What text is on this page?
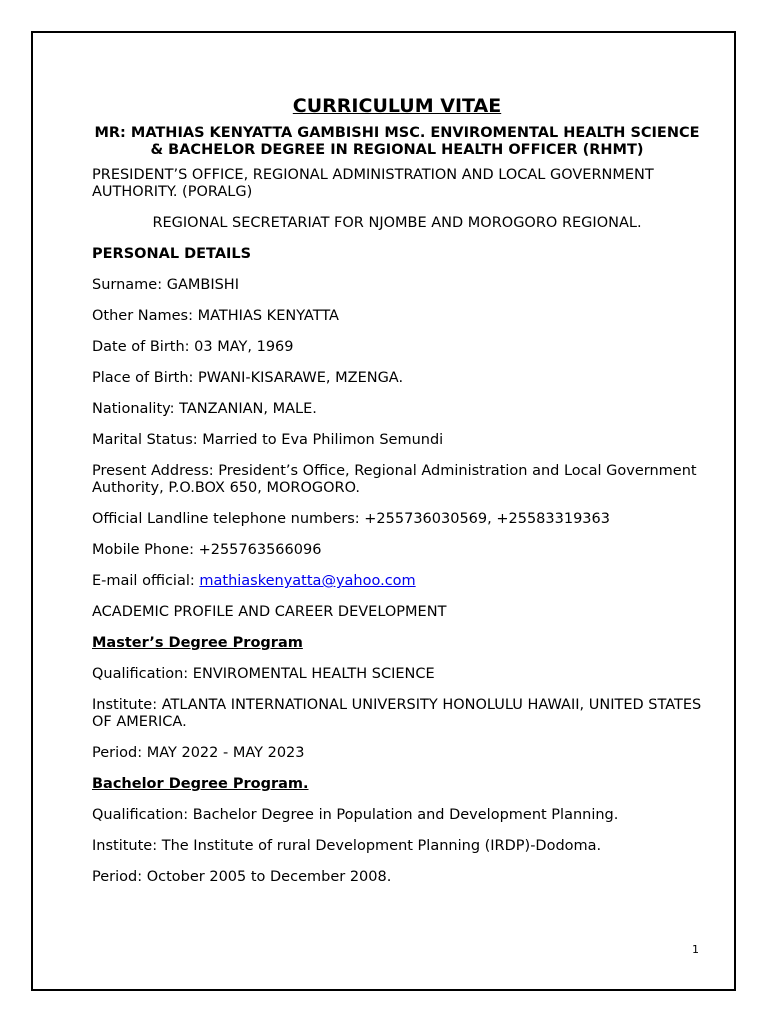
CURRICULUM VITAE
MR: MATHIAS KENYATTA GAMBISHI MSC. ENVIROMENTAL HEALTH SCIENCE & BACHELOR DEGREE IN REGIONAL HEALTH OFFICER (RHMT)

PRESIDENT’S OFFICE, REGIONAL ADMINISTRATION AND LOCAL GOVERNMENT AUTHORITY. (PORALG)

REGIONAL SECRETARIAT FOR NJOMBE AND MOROGORO REGIONAL.

PERSONAL DETAILS

Surname: GAMBISHI

Other Names: MATHIAS KENYATTA

Date of Birth: 03 MAY, 1969

Place of Birth: PWANI-KISARAWE, MZENGA.

Nationality: TANZANIAN, MALE.

Marital Status: Married to Eva Philimon Semundi

Present Address: President’s Office, Regional Administration and Local Government Authority, P.O.BOX 650, MOROGORO.

Official Landline telephone numbers: +255736030569, +25583319363

Mobile Phone: +255763566096

E-mail official: mathiaskenyatta@yahoo.com

ACADEMIC PROFILE AND CAREER DEVELOPMENT

Master’s Degree Program

Qualification: ENVIROMENTAL HEALTH SCIENCE

Institute: ATLANTA INTERNATIONAL UNIVERSITY HONOLULU HAWAII, UNITED STATES OF AMERICA.

Period: MAY 2022 - MAY 2023

Bachelor Degree Program.

Qualification: Bachelor Degree in Population and Development Planning.

Institute: The Institute of rural Development Planning (IRDP)-Dodoma.

Period: October 2005 to December 2008.

1
